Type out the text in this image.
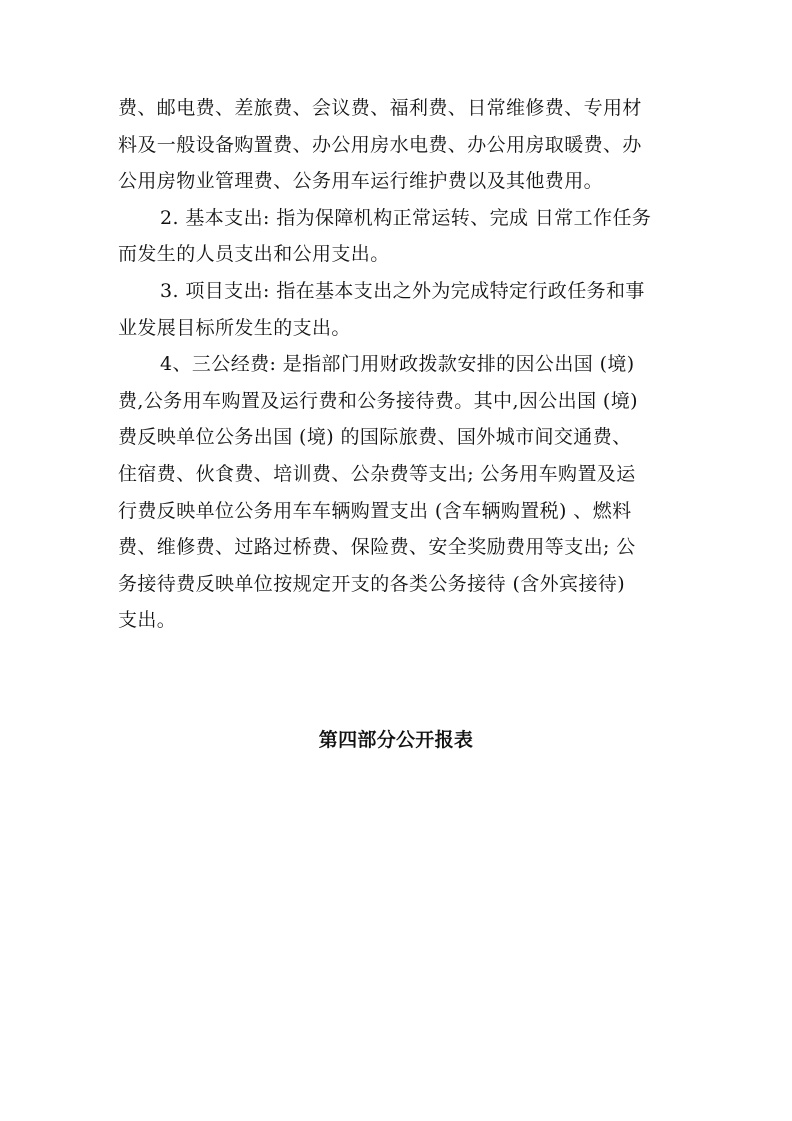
费、邮电费、差旅费、会议费、福利费、日常维修费、专用材
料及一般设备购置费、办公用房水电费、办公用房取暖费、办
公用房物业管理费、公务用车运行维护费以及其他费用。
2. 基本支出: 指为保障机构正常运转、完成 日常工作任务
而发生的人员支出和公用支出。
3. 项目支出: 指在基本支出之外为完成特定行政任务和事
业发展目标所发生的支出。
4、三公经费: 是指部门用财政拨款安排的因公出国 (境)
费,公务用车购置及运行费和公务接待费。其中,因公出国 (境)
费反映单位公务出国 (境) 的国际旅费、国外城市间交通费、
住宿费、伙食费、培训费、公杂费等支出; 公务用车购置及运
行费反映单位公务用车车辆购置支出 (含车辆购置税) 、燃料
费、维修费、过路过桥费、保险费、安全奖励费用等支出; 公
务接待费反映单位按规定开支的各类公务接待 (含外宾接待)
支出。
第四部分公开报表
